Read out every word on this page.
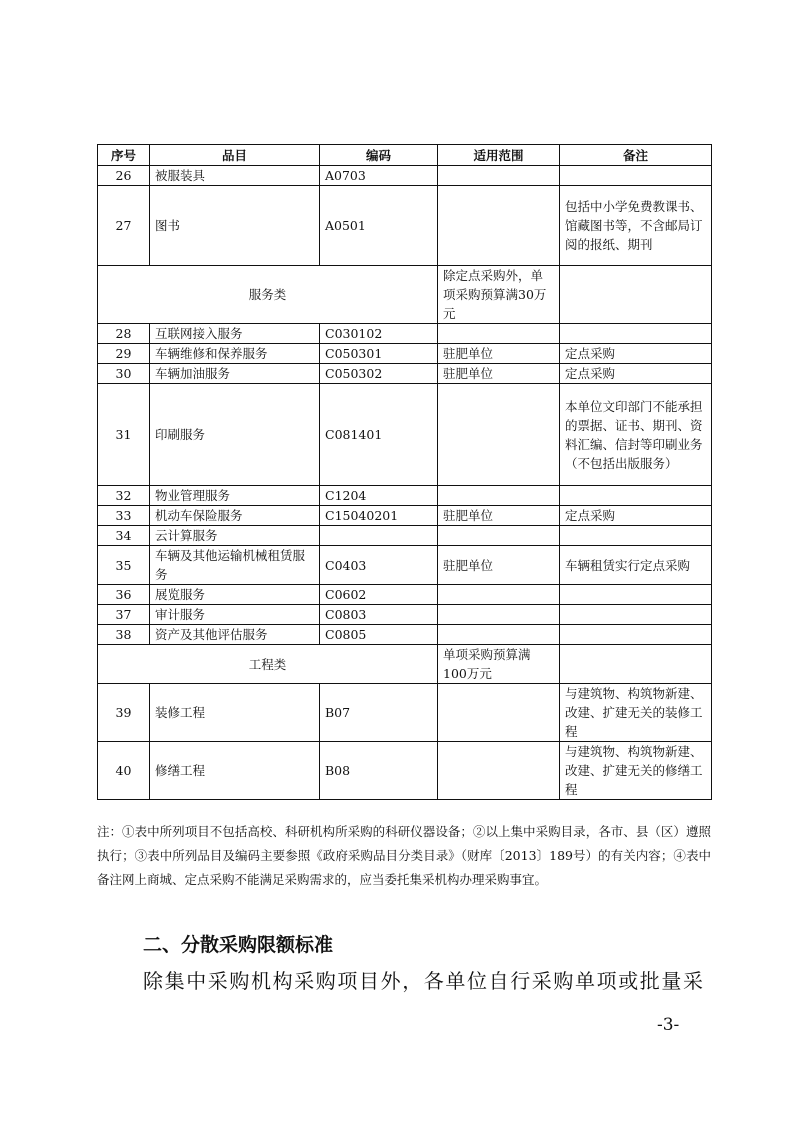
序号	品目	编码	适用范围	备注
26	被服装具	A0703		
27	图书	A0501		包括中小学免费教课书、馆藏图书等，不含邮局订阅的报纸、期刊
服务类			除定点采购外，单项采购预算满30万元	
28	互联网接入服务	C030102		
29	车辆维修和保养服务	C050301	驻肥单位	定点采购
30	车辆加油服务	C050302	驻肥单位	定点采购
31	印刷服务	C081401		本单位文印部门不能承担的票据、证书、期刊、资料汇编、信封等印刷业务（不包括出版服务）
32	物业管理服务	C1204		
33	机动车保险服务	C15040201	驻肥单位	定点采购
34	云计算服务			
35	车辆及其他运输机械租赁服务	C0403	驻肥单位	车辆租赁实行定点采购
36	展览服务	C0602		
37	审计服务	C0803		
38	资产及其他评估服务	C0805		
工程类			单项采购预算满100万元	
39	装修工程	B07		与建筑物、构筑物新建、改建、扩建无关的装修工程
40	修缮工程	B08		与建筑物、构筑物新建、改建、扩建无关的修缮工程
注：①表中所列项目不包括高校、科研机构所采购的科研仪器设备；②以上集中采购目录，各市、县（区）遵照执行；③表中所列品目及编码主要参照《政府采购品目分类目录》（财库〔2013〕189号）的有关内容；④表中备注网上商城、定点采购不能满足采购需求的，应当委托集采机构办理采购事宜。
二、分散采购限额标准
除集中采购机构采购项目外，各单位自行采购单项或批量采
-3-
